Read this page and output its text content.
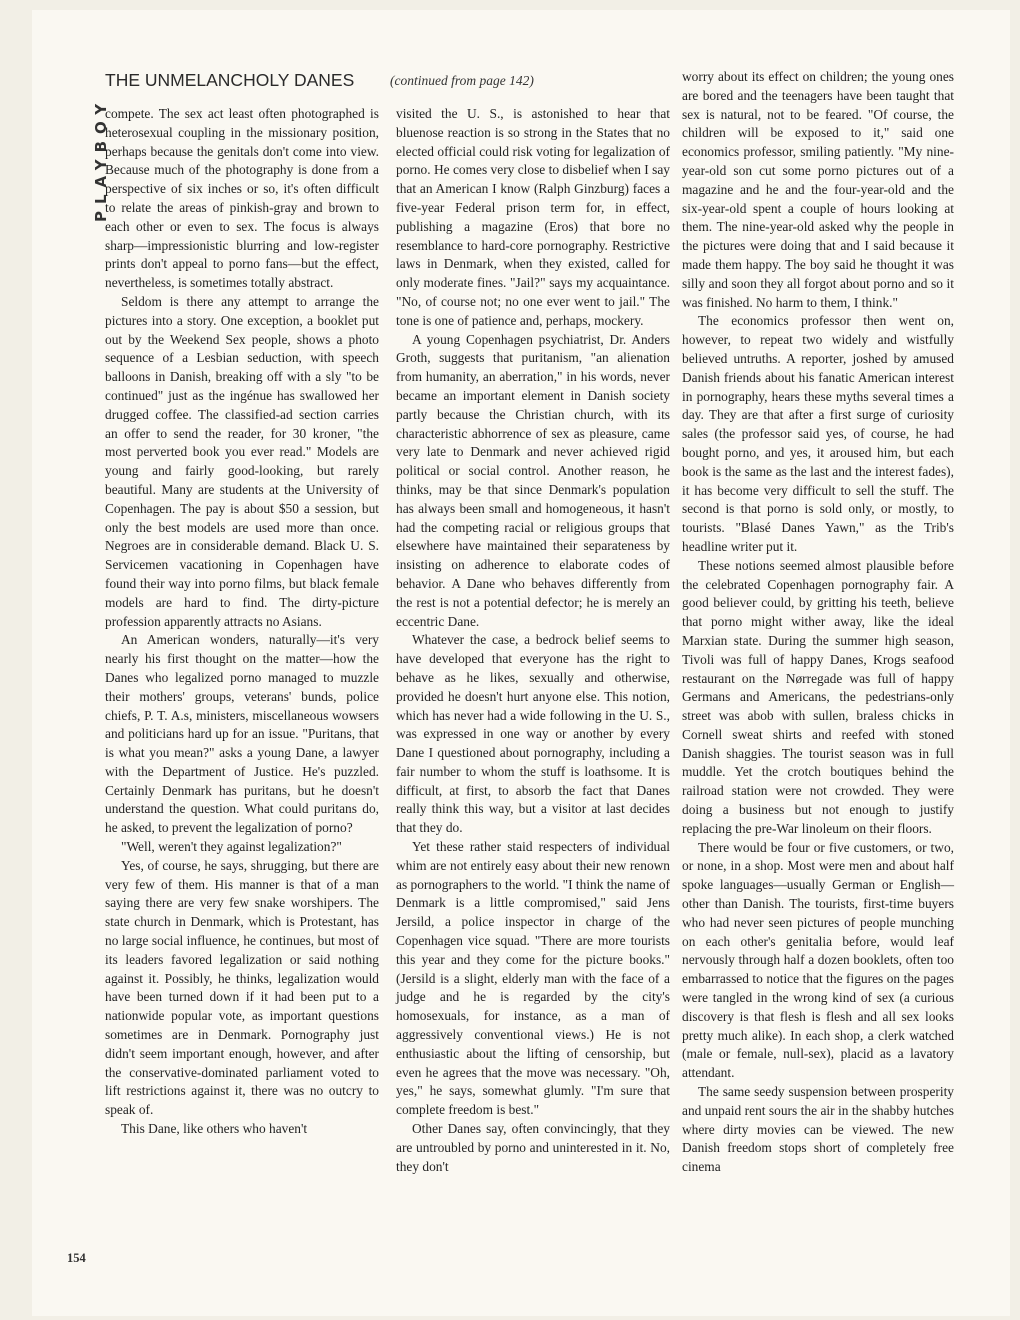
PLAYBOY
THE UNMELANCHOLY DANES	(continued from page 142)

compete. The sex act least often photographed is heterosexual coupling in the missionary position, perhaps because the genitals don't come into view. Because much of the photography is done from a perspective of six inches or so, it's often difficult to relate the areas of pinkish-gray and brown to each other or even to sex. The focus is always sharp—impressionistic blurring and low-register prints don't appeal to porno fans—but the effect, nevertheless, is sometimes totally abstract.

Seldom is there any attempt to arrange the pictures into a story. One exception, a booklet put out by the Weekend Sex people, shows a photo sequence of a Lesbian seduction, with speech balloons in Danish, breaking off with a sly "to be continued" just as the ingénue has swallowed her drugged coffee. The classified-ad section carries an offer to send the reader, for 30 kroner, "the most perverted book you ever read." Models are young and fairly good-looking, but rarely beautiful. Many are students at the University of Copenhagen. The pay is about $50 a session, but only the best models are used more than once. Negroes are in considerable demand. Black U. S. Servicemen vacationing in Copenhagen have found their way into porno films, but black female models are hard to find. The dirty-picture profession apparently attracts no Asians.

An American wonders, naturally—it's very nearly his first thought on the matter—how the Danes who legalized porno managed to muzzle their mothers' groups, veterans' bunds, police chiefs, P. T. A.s, ministers, miscellaneous wowsers and politicians hard up for an issue. "Puritans, that is what you mean?" asks a young Dane, a lawyer with the Department of Justice. He's puzzled. Certainly Denmark has puritans, but he doesn't understand the question. What could puritans do, he asked, to prevent the legalization of porno?

"Well, weren't they against legalization?"

Yes, of course, he says, shrugging, but there are very few of them. His manner is that of a man saying there are very few snake worshipers. The state church in Denmark, which is Protestant, has no large social influence, he continues, but most of its leaders favored legalization or said nothing against it. Possibly, he thinks, legalization would have been turned down if it had been put to a nationwide popular vote, as important questions sometimes are in Denmark. Pornography just didn't seem important enough, however, and after the conservative-dominated parliament voted to lift restrictions against it, there was no outcry to speak of.

This Dane, like others who haven't

visited the U. S., is astonished to hear that bluenose reaction is so strong in the States that no elected official could risk voting for legalization of porno. He comes very close to disbelief when I say that an American I know (Ralph Ginzburg) faces a five-year Federal prison term for, in effect, publishing a magazine (Eros) that bore no resemblance to hard-core pornography. Restrictive laws in Denmark, when they existed, called for only moderate fines. "Jail?" says my acquaintance. "No, of course not; no one ever went to jail." The tone is one of patience and, perhaps, mockery.

A young Copenhagen psychiatrist, Dr. Anders Groth, suggests that puritanism, "an alienation from humanity, an aberration," in his words, never became an important element in Danish society partly because the Christian church, with its characteristic abhorrence of sex as pleasure, came very late to Denmark and never achieved rigid political or social control. Another reason, he thinks, may be that since Denmark's population has always been small and homogeneous, it hasn't had the competing racial or religious groups that elsewhere have maintained their separateness by insisting on adherence to elaborate codes of behavior. A Dane who behaves differently from the rest is not a potential defector; he is merely an eccentric Dane.

Whatever the case, a bedrock belief seems to have developed that everyone has the right to behave as he likes, sexually and otherwise, provided he doesn't hurt anyone else. This notion, which has never had a wide following in the U. S., was expressed in one way or another by every Dane I questioned about pornography, including a fair number to whom the stuff is loathsome. It is difficult, at first, to absorb the fact that Danes really think this way, but a visitor at last decides that they do.

Yet these rather staid respecters of individual whim are not entirely easy about their new renown as pornographers to the world. "I think the name of Denmark is a little compromised," said Jens Jersild, a police inspector in charge of the Copenhagen vice squad. "There are more tourists this year and they come for the picture books." (Jersild is a slight, elderly man with the face of a judge and he is regarded by the city's homosexuals, for instance, as a man of aggressively conventional views.) He is not enthusiastic about the lifting of censorship, but even he agrees that the move was necessary. "Oh, yes," he says, somewhat glumly. "I'm sure that complete freedom is best."

Other Danes say, often convincingly, that they are untroubled by porno and uninterested in it. No, they don't

worry about its effect on children; the young ones are bored and the teenagers have been taught that sex is natural, not to be feared. "Of course, the children will be exposed to it," said one economics professor, smiling patiently. "My nine-year-old son cut some porno pictures out of a magazine and he and the four-year-old and the six-year-old spent a couple of hours looking at them. The nine-year-old asked why the people in the pictures were doing that and I said because it made them happy. The boy said he thought it was silly and soon they all forgot about porno and so it was finished. No harm to them, I think."

The economics professor then went on, however, to repeat two widely and wistfully believed untruths. A reporter, joshed by amused Danish friends about his fanatic American interest in pornography, hears these myths several times a day. They are that after a first surge of curiosity sales (the professor said yes, of course, he had bought porno, and yes, it aroused him, but each book is the same as the last and the interest fades), it has become very difficult to sell the stuff. The second is that porno is sold only, or mostly, to tourists. "Blasé Danes Yawn," as the Trib's headline writer put it.

These notions seemed almost plausible before the celebrated Copenhagen pornography fair. A good believer could, by gritting his teeth, believe that porno might wither away, like the ideal Marxian state. During the summer high season, Tivoli was full of happy Danes, Krogs seafood restaurant on the Nørregade was full of happy Germans and Americans, the pedestrians-only street was abob with sullen, braless chicks in Cornell sweat shirts and reefed with stoned Danish shaggies. The tourist season was in full muddle. Yet the crotch boutiques behind the railroad station were not crowded. They were doing a business but not enough to justify replacing the pre-War linoleum on their floors.

There would be four or five customers, or two, or none, in a shop. Most were men and about half spoke languages—usually German or English—other than Danish. The tourists, first-time buyers who had never seen pictures of people munching on each other's genitalia before, would leaf nervously through half a dozen booklets, often too embarrassed to notice that the figures on the pages were tangled in the wrong kind of sex (a curious discovery is that flesh is flesh and all sex looks pretty much alike). In each shop, a clerk watched (male or female, null-sex), placid as a lavatory attendant.

The same seedy suspension between prosperity and unpaid rent sours the air in the shabby hutches where dirty movies can be viewed. The new Danish freedom stops short of completely free cinema

154
